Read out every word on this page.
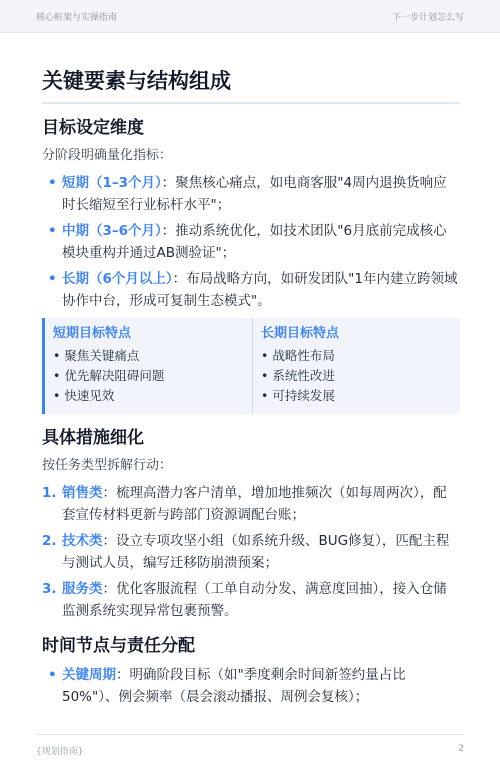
核心框架与实操指南	下一步计划怎么写
关键要素与结构组成
目标设定维度
分阶段明确量化指标：
• 短期（1–3个月）：聚焦核心痛点，如电商客服"4周内退换货响应时长缩短至行业标杆水平"；
• 中期（3–6个月）：推动系统优化，如技术团队"6月底前完成核心模块重构并通过AB测验证"；
• 长期（6个月以上）：布局战略方向，如研发团队"1年内建立跨领域协作中台，形成可复制生态模式"。
短期目标特点
• 聚焦关键痛点
• 优先解决阻碍问题
• 快速见效
长期目标特点
• 战略性布局
• 系统性改进
• 可持续发展
具体措施细化
按任务类型拆解行动：
1. 销售类：梳理高潜力客户清单，增加地推频次（如每周两次），配套宣传材料更新与跨部门资源调配台账；
2. 技术类：设立专项攻坚小组（如系统升级、BUG修复），匹配主程与测试人员，编写迁移防崩溃预案；
3. 服务类：优化客服流程（工单自动分发、满意度回抽），接入仓储监测系统实现异常包裹预警。
时间节点与责任分配
• 关键周期：明确阶段目标（如"季度剩余时间新签约量占比50%"）、例会频率（晨会滚动播报、周例会复核）；
{规划指南}	2
